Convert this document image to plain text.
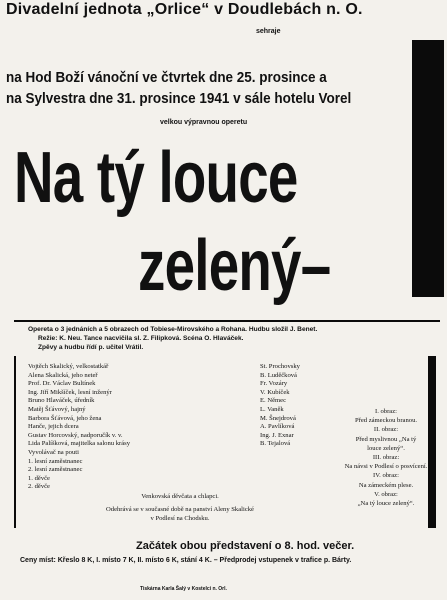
Divadelní jednota „Orlice“ v Doudlebách n. O.
sehraje
na Hod Boží vánoční ve čtvrtek dne 25. prosince a
na Sylvestra dne 31. prosince 1941 v sále hotelu Vorel
velkou výpravnou operetu
Na tý louce
zelený–
Opereta o 3 jednáních a 5 obrazech od Tobiese-Mirovského a Rohana. Hudbu složil J. Benet.
Režie: K. Neu. Tance nacvičila sl. Z. Filipková. Scéna O. Hlaváček.
Zpěvy a hudbu řídí p. učitel Vrátil.
Vojtěch Skalický, velkostatkář
Alena Skalická, jeho neteř
Prof. Dr. Václav Bultínek
Ing. Jiří Mikšíček, lesní inženýr
Bruno Hlaváček, úředník
Matěj Šťávový, hajný
Barbora Šťávová, jeho žena
Hanče, jejich dcera
Gustav Horcovský, nadporučík v. v.
Lida Palíšková, majitelka salonu krásy
Vyvolávač na pouti
1. lesní zaměstnanec
2. lesní zaměstnanec
1. děvče
2. děvče
St. Prochovsky
B. Luděčková
Fr. Vozáry
V. Kubíček
E. Němec
L. Vaněk
M. Šnejdrová
A. Pavlíková
Ing. J. Exnar
B. Tejalová
I. obraz:
Před zámeckou branou.
II. obraz:
Před myslivnou „Na tý
louce zelený“.
III. obraz:
Na návsi v Podlesí o posvícení.
IV. obraz:
Na zámeckém plese.
V. obraz:
„Na tý louce zelený“.
Venkovská děvčata a chlapci.
Odehrává se v současné době na panství Aleny Skalické
v Podlesí na Chodsku.
Začátek obou představení o 8. hod. večer.
Ceny míst: Křeslo 8 K, I. místo 7 K, II. místo 6 K, stání 4 K. – Předprodej vstupenek v trafice p. Bárty.
Tiskárna Karla Šalý v Kostelci n. Orl.
